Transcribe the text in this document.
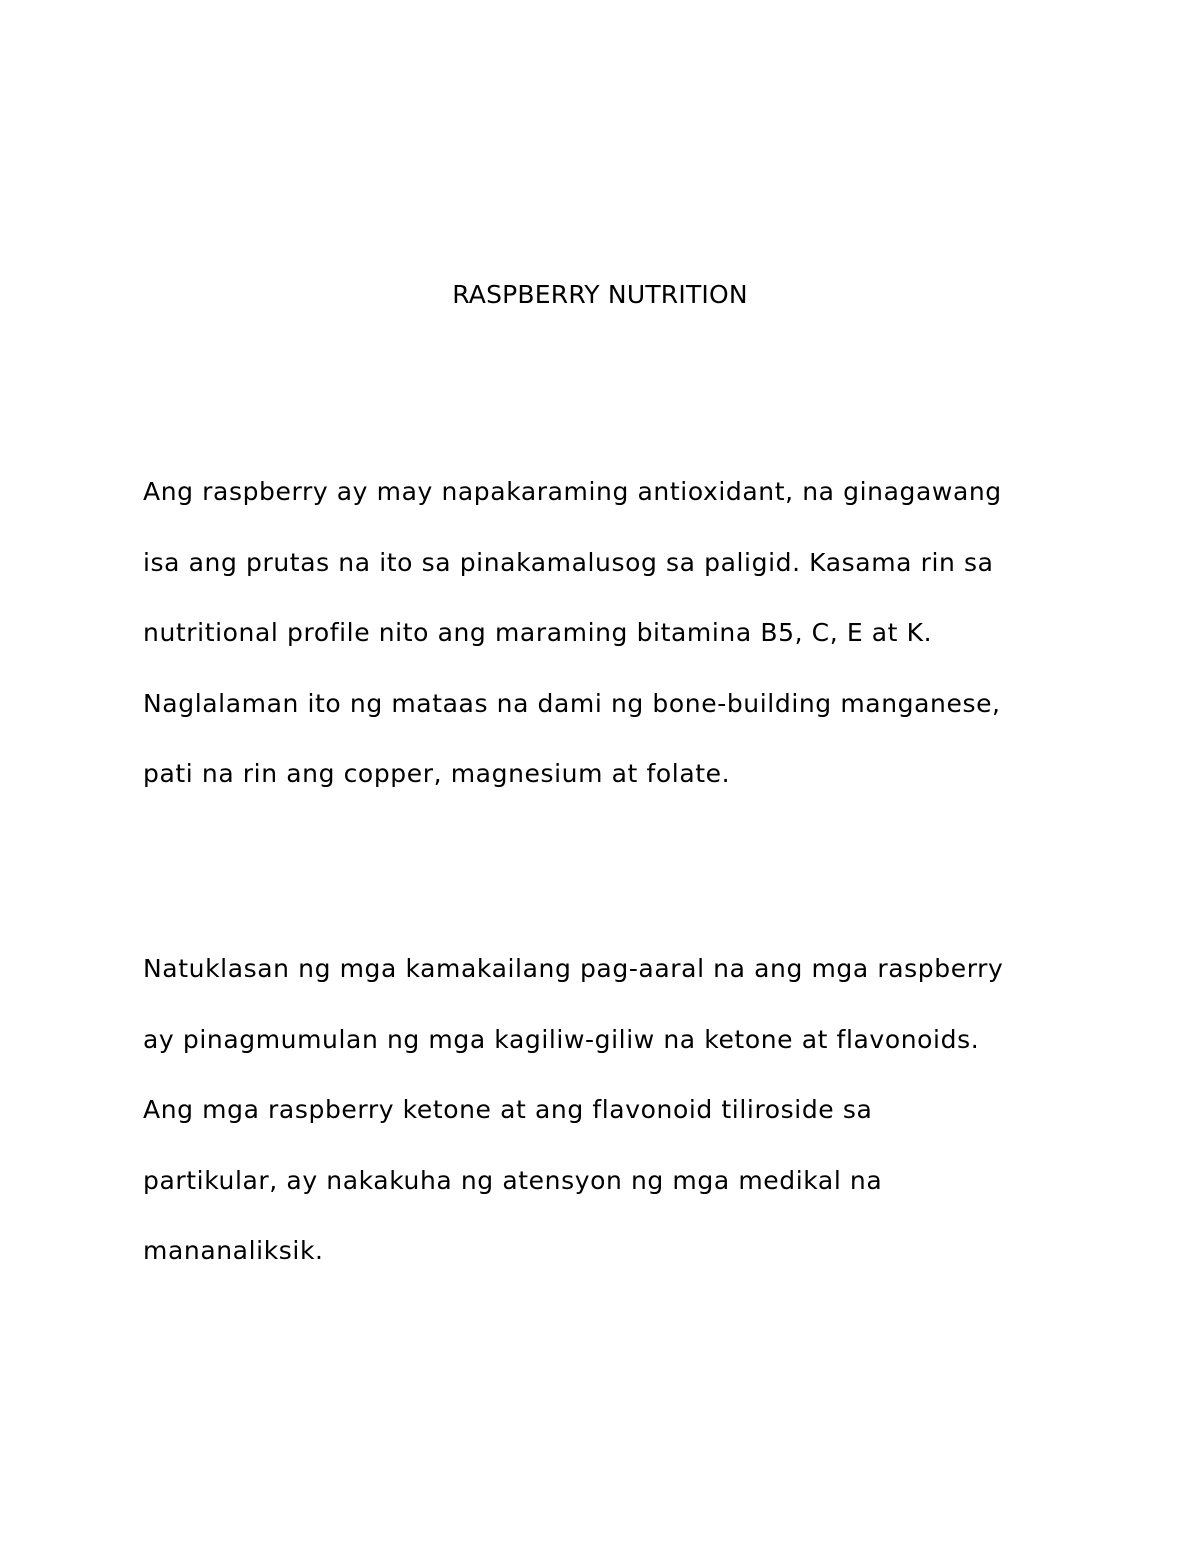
RASPBERRY NUTRITION
Ang raspberry ay may napakaraming antioxidant, na ginagawang
isa ang prutas na ito sa pinakamalusog sa paligid. Kasama rin sa
nutritional profile nito ang maraming bitamina B5, C, E at K.
Naglalaman ito ng mataas na dami ng bone-building manganese,
pati na rin ang copper, magnesium at folate.
Natuklasan ng mga kamakailang pag-aaral na ang mga raspberry
ay pinagmumulan ng mga kagiliw-giliw na ketone at flavonoids.
Ang mga raspberry ketone at ang flavonoid tiliroside sa
partikular, ay nakakuha ng atensyon ng mga medikal na
mananaliksik.
